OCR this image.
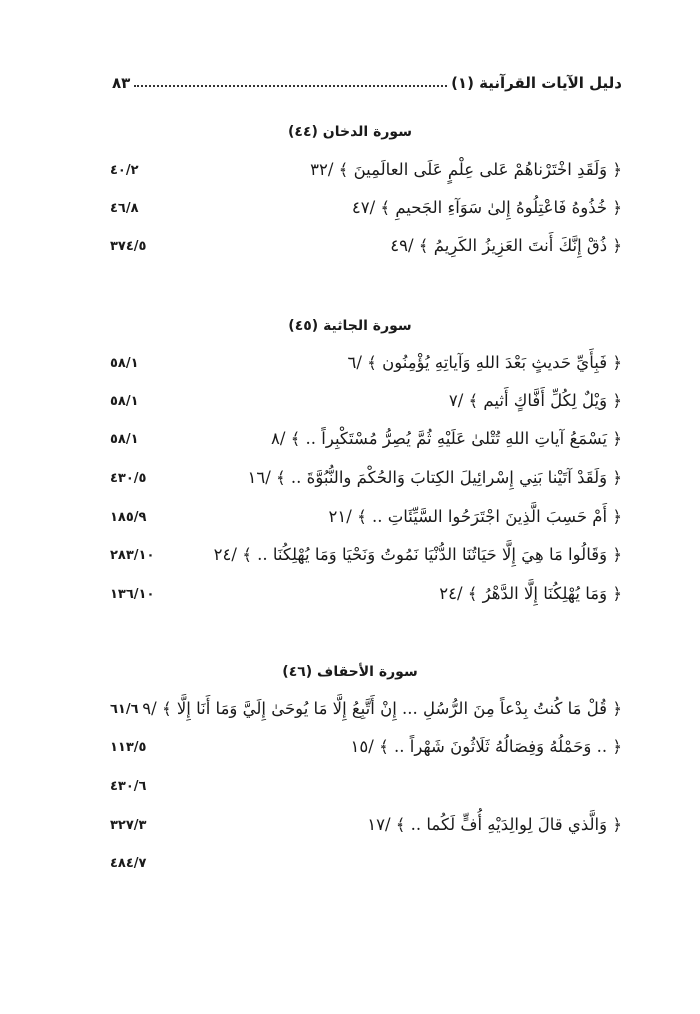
دليل الآيات القرآنية (١)
٨٣
سورة الدخان (٤٤)
﴿ وَلَقَدِ اخْتَرْناهُمْ عَلى عِلْمٍ عَلَى العالَمِينَ ﴾ /٣٢
٤٠/٢
﴿ خُذُوهُ فَاعْتِلُوهُ إِلىٰ سَوَآءِ الجَحيمِ ﴾ /٤٧
٤٦/٨
﴿ ذُقْ إِنَّكَ أَنتَ العَزِيزُ الكَرِيمُ ﴾ /٤٩
٣٧٤/٥
سورة الجاثية (٤٥)
﴿ فَبِأَيِّ حَديثٍ بَعْدَ اللهِ وَآياتِهِ يُؤْمِنُون ﴾ /٦
٥٨/١
﴿ وَيْلٌ لِكُلِّ أَفَّاكٍ أَثيم ﴾ /٧
٥٨/١
﴿ يَسْمَعُ آياتِ اللهِ تُتْلىٰ عَلَيْهِ ثُمَّ يُصِرُّ مُسْتَكْبِراً .. ﴾ /٨
٥٨/١
﴿ وَلَقَدْ آتَيْنا بَنِي إِسْرائِيلَ الكِتابَ وَالحُكْمَ والنُّبُوَّةَ .. ﴾ /١٦
٤٣٠/٥
﴿ أَمْ حَسِبَ الَّذِينَ اجْتَرَحُوا السَّيِّئَاتِ .. ﴾ /٢١
١٨٥/٩
﴿ وَقَالُوا مَا هِيَ إِلَّا حَيَاتُنَا الدُّنْيَا نَمُوتُ وَنَحْيَا وَمَا يُهْلِكُنَا .. ﴾ /٢٤
٢٨٣/١٠
﴿ وَمَا يُهْلِكُنَا إِلَّا الدَّهْرُ ﴾ /٢٤
١٣٦/١٠
سورة الأحقاف (٤٦)
﴿ قُلْ مَا كُنتُ بِدْعاً مِنَ الرُّسُلِ ... إِنْ أَتَّبِعُ إِلَّا مَا يُوحَىٰ إِلَيَّ وَمَا أَنَا إِلَّا ﴾ /٩
٦١/٦
﴿ .. وَحَمْلُهُ وَفِصَالُهُ ثَلَاثُونَ شَهْراً .. ﴾ /١٥
١١٣/٥
٤٣٠/٦
﴿ وَالَّذي قالَ لِوالِدَيْهِ أُفٍّ لَكُما .. ﴾ /١٧
٣٢٧/٣
٤٨٤/٧
